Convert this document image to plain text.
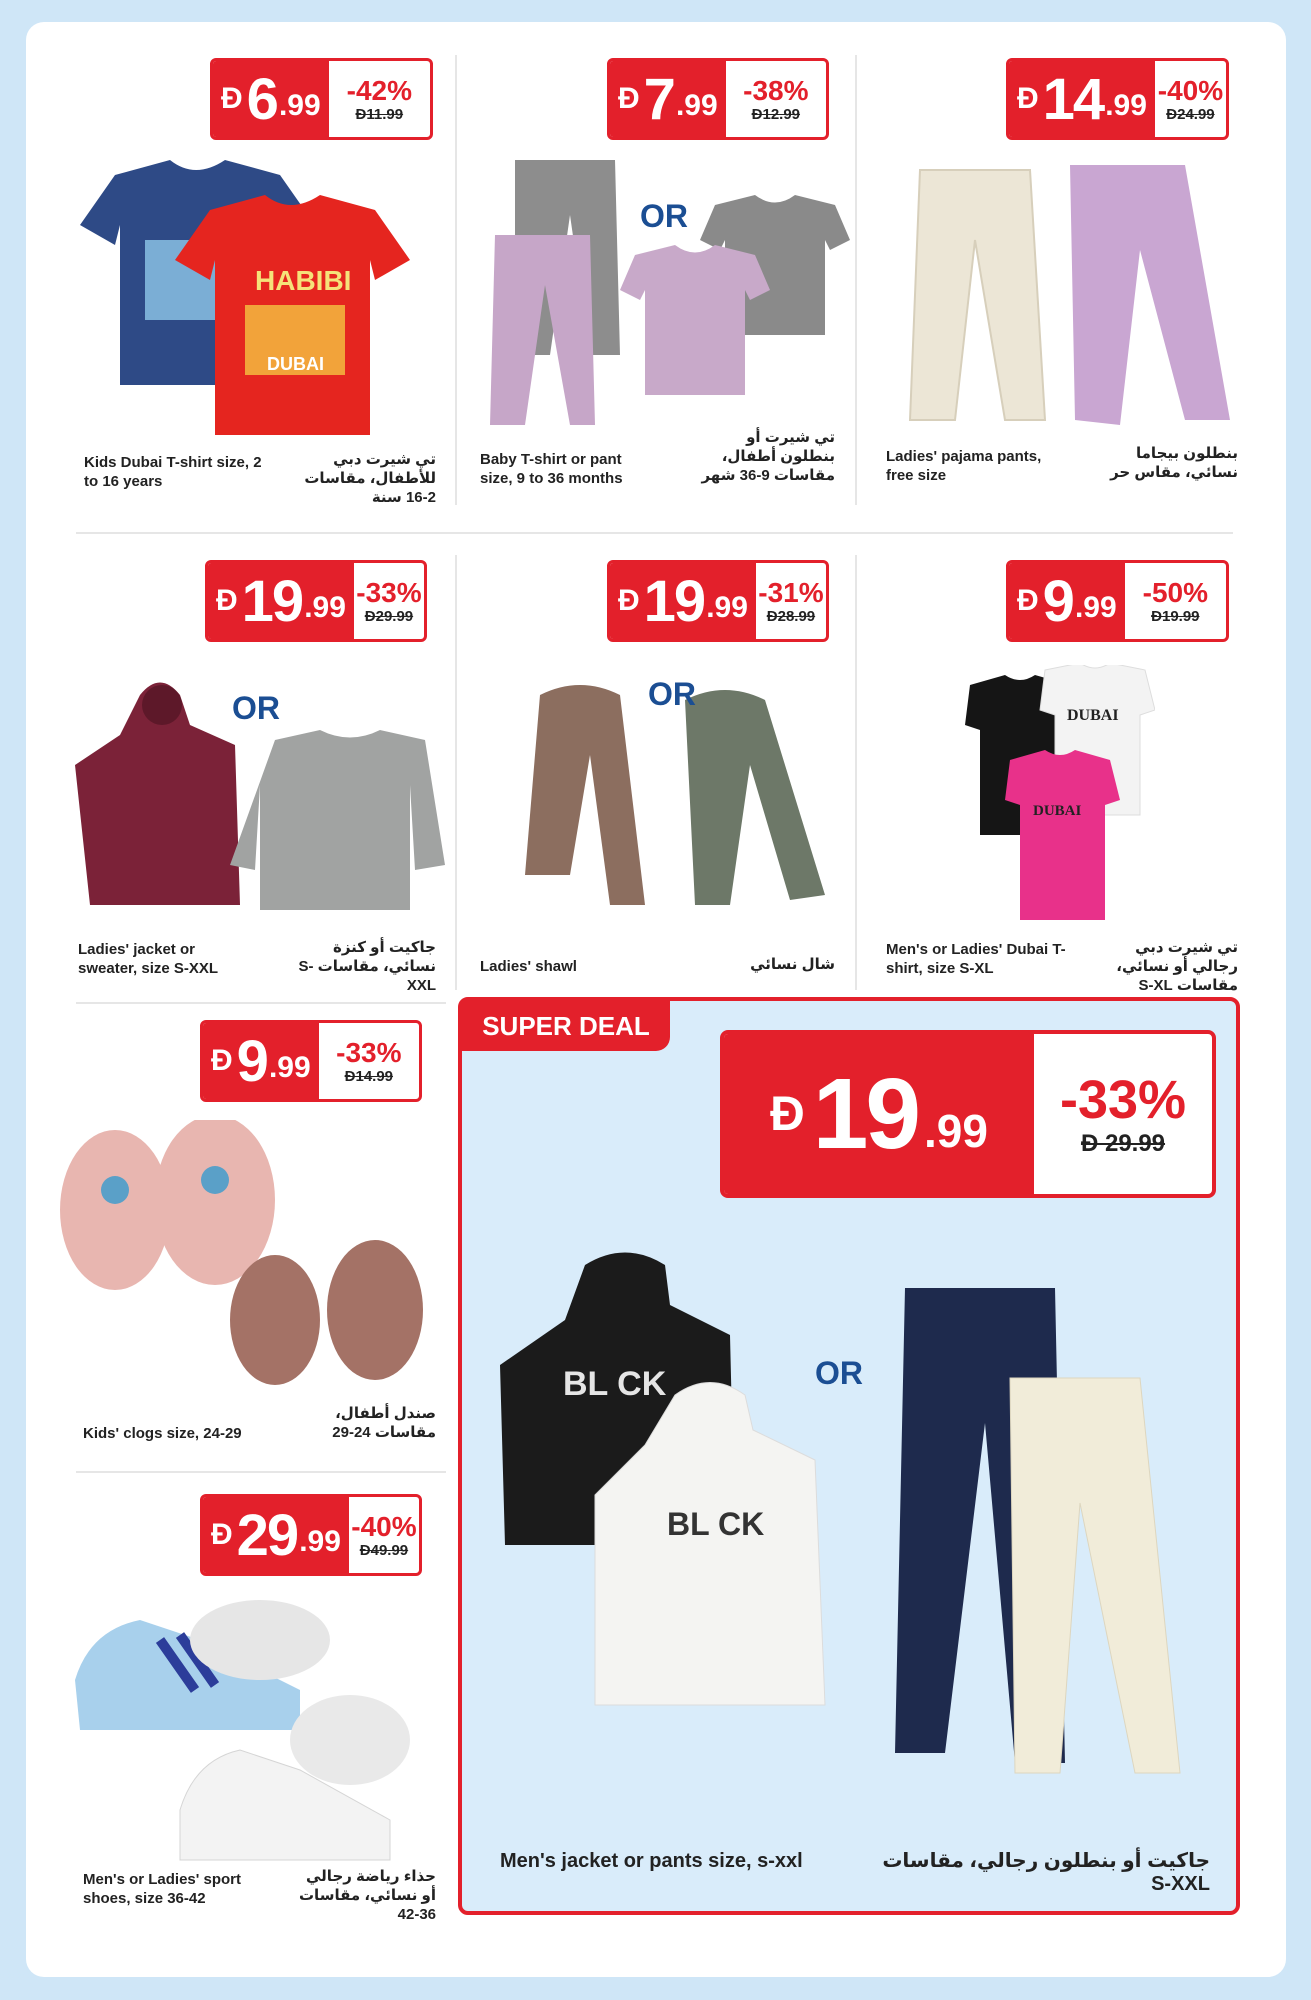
Đ 6 .99 -42%
Đ11.99
HABIBI
DUBAI
Kids Dubai T-shirt size, 2 to 16 years
تي شيرت دبي للأطفال، مقاسات 2-16 سنة
Đ 7 .99 -38%
Đ12.99
OR
Baby T-shirt or pant size, 9 to 36 months
تي شيرت أو بنطلون أطفال، مقاسات 9-36 شهر
Đ 14 .99 -40%
Đ24.99
Ladies' pajama pants, free size
بنطلون بيجاما نسائي، مقاس حر
Đ 19 .99 -33%
Đ29.99
OR
Ladies' jacket or sweater, size S-XXL
جاكيت أو كنزة نسائي، مقاسات S-XXL
Đ 19 .99 -31%
Đ28.99
OR
Ladies' shawl	شال نسائي
Đ 9 .99 -50%
Đ19.99
DUBAI
DUBAI
Men's or Ladies' Dubai T-shirt, size S-XL
تي شيرت دبي رجالي أو نسائي، مقاسات S-XL
Đ 9 .99 -33%
Đ14.99
Kids' clogs size, 24-29
صندل أطفال، مقاسات 24-29
Đ 29 .99 -40%
Đ49.99
Men's or Ladies' sport shoes, size 36-42
حذاء رياضة رجالي أو نسائي، مقاسات 36-42
SUPER DEAL
Đ 19 .99
-33%
Đ 29.99
BL CK
BL CK
OR
Men's jacket or pants size, s-xxl	جاكيت أو بنطلون رجالي، مقاسات S-XXL
